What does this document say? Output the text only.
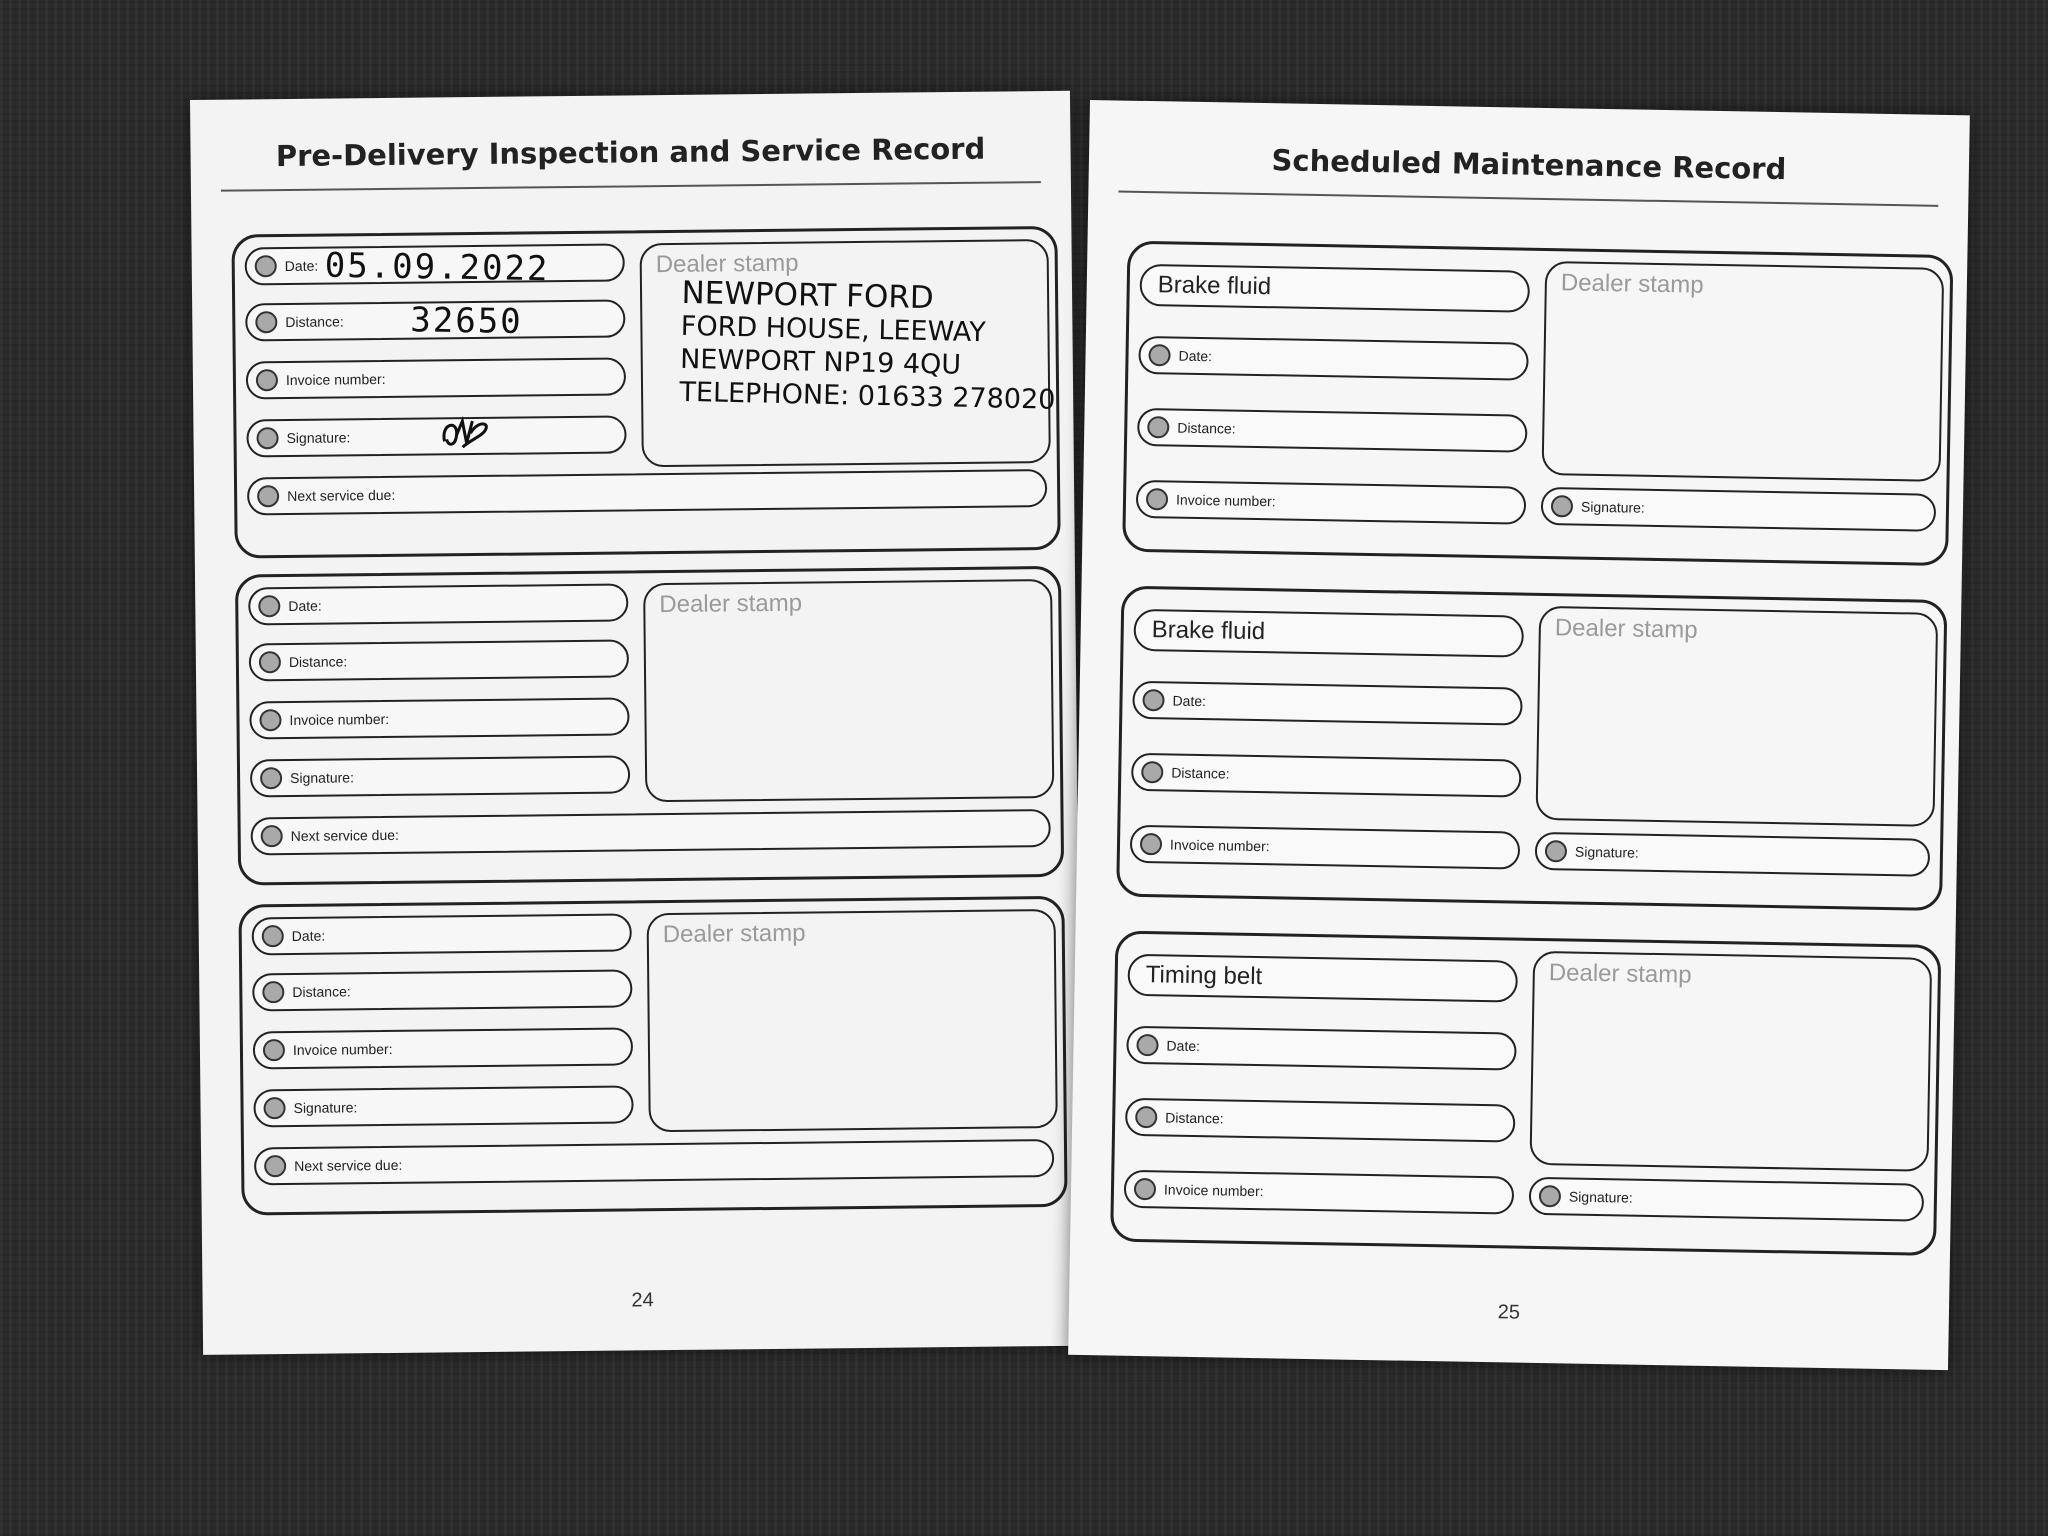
Pre-Delivery Inspection and Service Record
Date: 05.09.2022
Distance: 32650
Invoice number:
Signature:
Next service due:
Dealer stamp
NEWPORT FORD
FORD HOUSE, LEEWAY
NEWPORT NP19 4QU
TELEPHONE: 01633 278020
Date:
Distance:
Invoice number:
Signature:
Next service due:
Dealer stamp
Date:
Distance:
Invoice number:
Signature:
Next service due:
Dealer stamp
24
Scheduled Maintenance Record
Brake fluid
Date:
Distance:
Invoice number:
Dealer stamp
Signature:
Brake fluid
Date:
Distance:
Invoice number:
Dealer stamp
Signature:
Timing belt
Date:
Distance:
Invoice number:
Dealer stamp
Signature:
25
